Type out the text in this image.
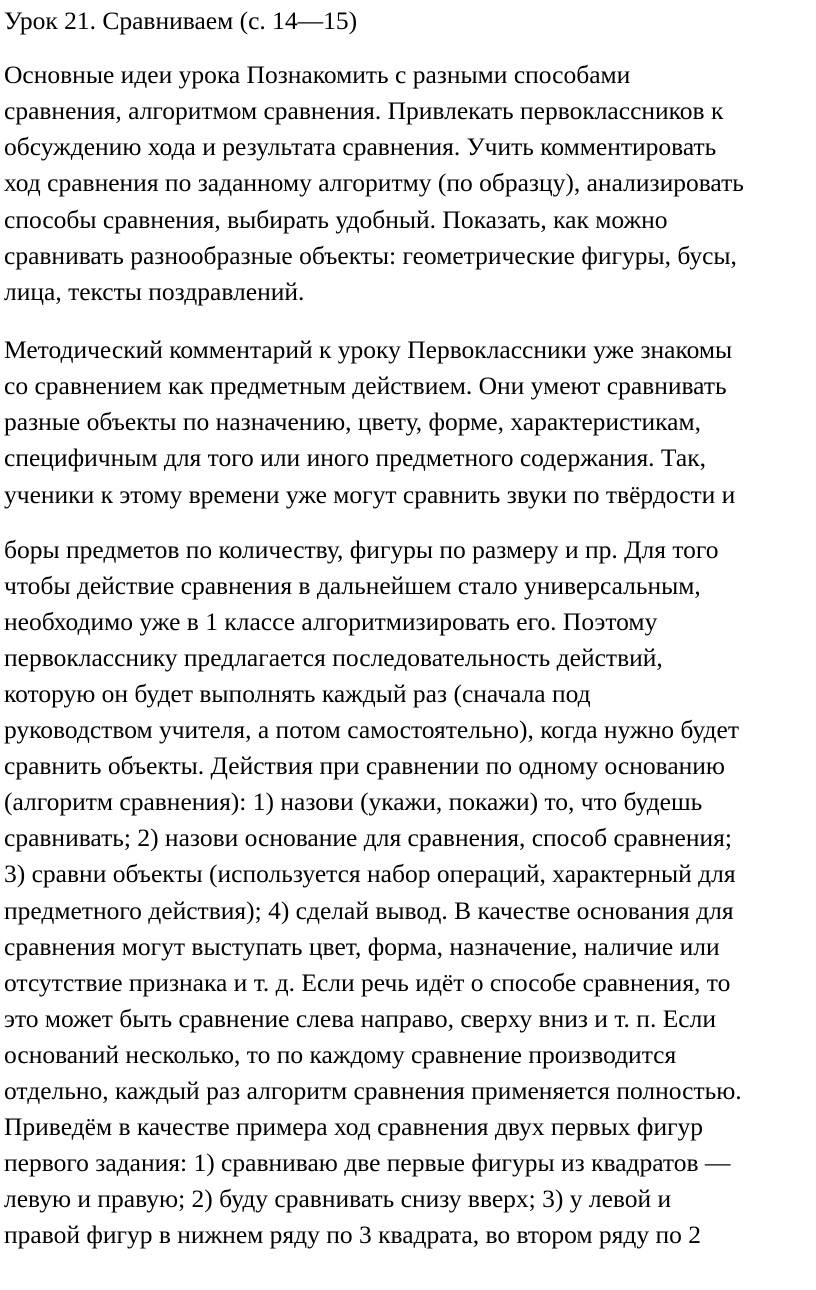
Урок 21. Сравниваем (с. 14—15)
Основные идеи урока Познакомить с разными способами
сравнения, алгоритмом сравнения. Привлекать первоклассников к
обсуждению хода и результата сравнения. Учить комментировать
ход сравнения по заданному алгоритму (по образцу), анализировать
способы сравнения, выбирать удобный. Показать, как можно
сравнивать разнообразные объекты: геометрические фигуры, бусы,
лица, тексты поздравлений.
Методический комментарий к уроку Первоклассники уже знакомы
со сравнением как предметным действием. Они умеют сравнивать
разные объекты по назначению, цвету, форме, характеристикам,
специфичным для того или иного предметного содержания. Так,
ученики к этому времени уже могут сравнить звуки по твёрдости и
боры предметов по количеству, фигуры по размеру и пр. Для того
чтобы действие сравнения в дальнейшем стало универсальным,
необходимо уже в 1 классе алгоритмизировать его. Поэтому
первокласснику предлагается последовательность действий,
которую он будет выполнять каждый раз (сначала под
руководством учителя, а потом самостоятельно), когда нужно будет
сравнить объекты. Действия при сравнении по одному основанию
(алгоритм сравнения): 1) назови (укажи, покажи) то, что будешь
сравнивать; 2) назови основание для сравнения, способ сравнения;
3) сравни объекты (используется набор операций, характерный для
предметного действия); 4) сделай вывод. В качестве основания для
сравнения могут выступать цвет, форма, назначение, наличие или
отсутствие признака и т. д. Если речь идёт о способе сравнения, то
это может быть сравнение слева направо, сверху вниз и т. п. Если
оснований несколько, то по каждому сравнение производится
отдельно, каждый раз алгоритм сравнения применяется полностью.
Приведём в качестве примера ход сравнения двух первых фигур
первого задания: 1) сравниваю две первые фигуры из квадратов —
левую и правую; 2) буду сравнивать снизу вверх; 3) у левой и
правой фигур в нижнем ряду по 3 квадрата, во втором ряду по 2
